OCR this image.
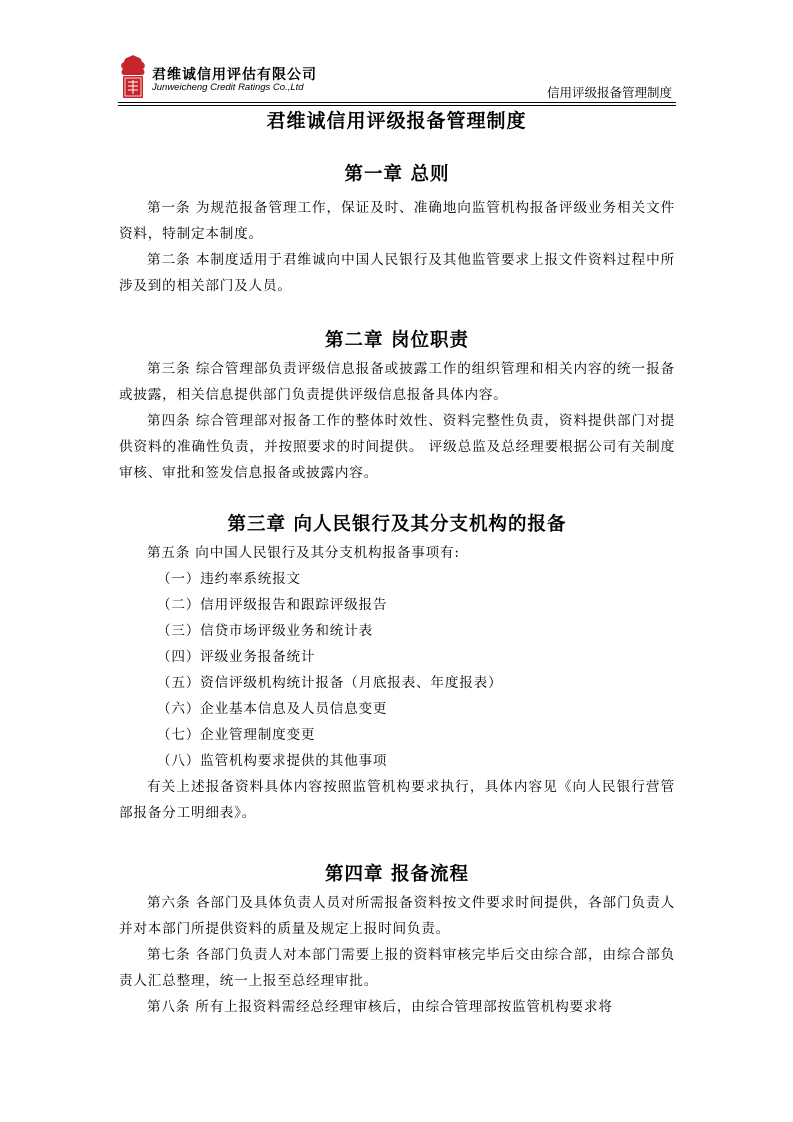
君维诚信用评估有限公司
Junweicheng Credit Ratings Co.,Ltd	信用评级报备管理制度
君维诚信用评级报备管理制度
第一章 总则

第一条 为规范报备管理工作，保证及时、准确地向监管机构报备评级业务相关文件资料，特制定本制度。

第二条 本制度适用于君维诚向中国人民银行及其他监管要求上报文件资料过程中所涉及到的相关部门及人员。

第二章 岗位职责

第三条 综合管理部负责评级信息报备或披露工作的组织管理和相关内容的统一报备或披露，相关信息提供部门负责提供评级信息报备具体内容。

第四条 综合管理部对报备工作的整体时效性、资料完整性负责，资料提供部门对提供资料的准确性负责，并按照要求的时间提供。 评级总监及总经理要根据公司有关制度审核、审批和签发信息报备或披露内容。

第三章 向人民银行及其分支机构的报备

第五条 向中国人民银行及其分支机构报备事项有:

（一）违约率系统报文

（二）信用评级报告和跟踪评级报告

（三）信贷市场评级业务和统计表

（四）评级业务报备统计

（五）资信评级机构统计报备（月底报表、年度报表）

（六）企业基本信息及人员信息变更

（七）企业管理制度变更

（八）监管机构要求提供的其他事项

有关上述报备资料具体内容按照监管机构要求执行，具体内容见《向人民银行营管部报备分工明细表》。

第四章 报备流程

第六条 各部门及具体负责人员对所需报备资料按文件要求时间提供，各部门负责人并对本部门所提供资料的质量及规定上报时间负责。

第七条 各部门负责人对本部门需要上报的资料审核完毕后交由综合部，由综合部负责人汇总整理，统一上报至总经理审批。

第八条 所有上报资料需经总经理审核后，由综合管理部按监管机构要求将
